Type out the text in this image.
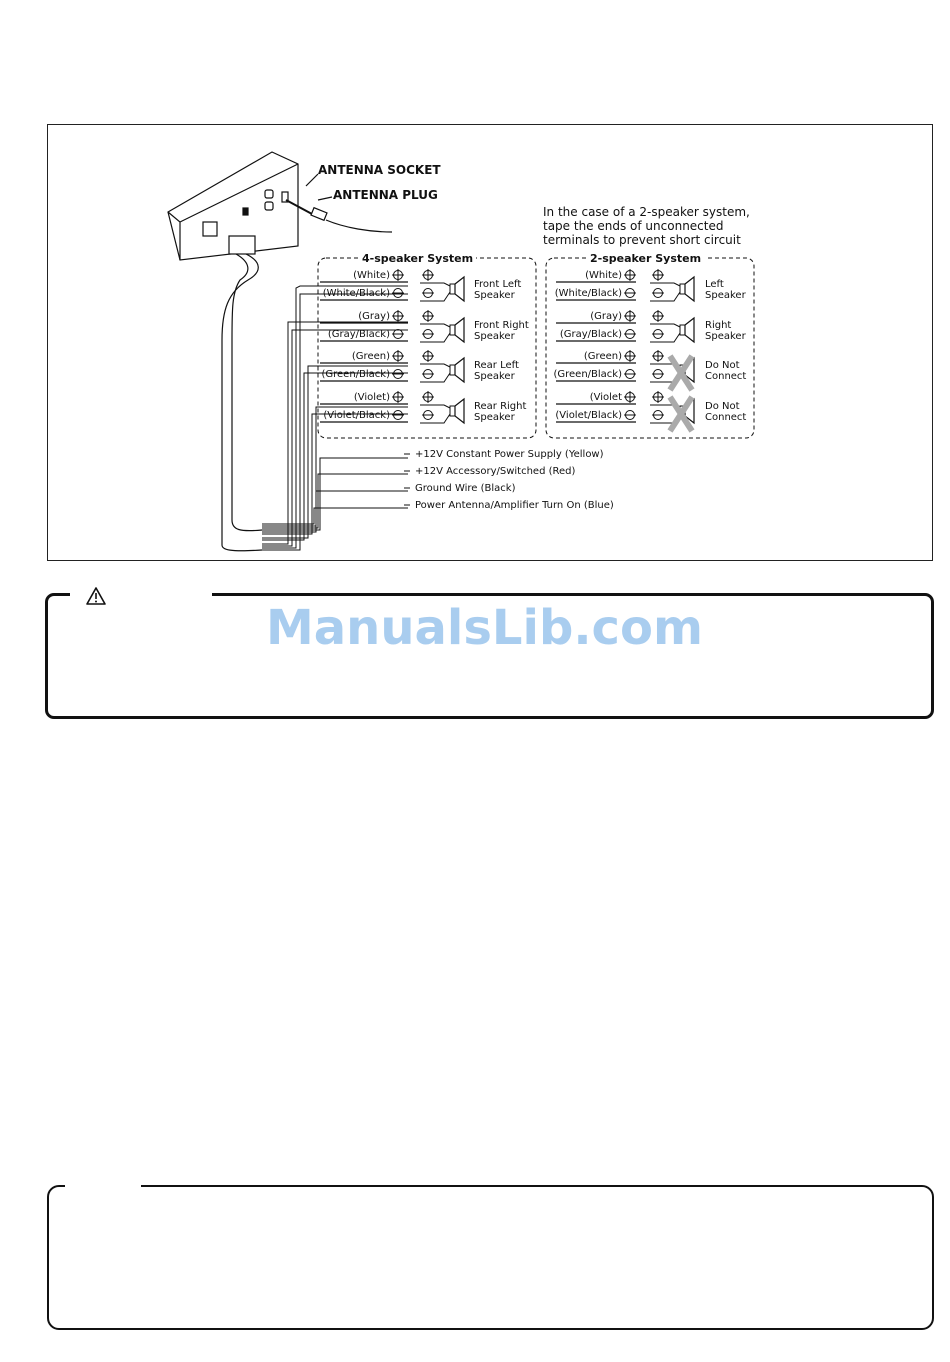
ANTENNA SOCKET
ANTENNA PLUG
In the case of a 2-speaker system,
tape the ends of unconnected
terminals to prevent short circuit
4-speaker System	2-speaker System
(White)
(White/Black)
Front Left
Speaker
(Gray)
(Gray/Black)
Front Right
Speaker
(Green)
(Green/Black)
Rear Left
Speaker
(Violet)
(Violet/Black)
Rear Right
Speaker
(White)
(White/Black)
Left
Speaker
(Gray)
(Gray/Black)
Right
Speaker
(Green)
(Green/Black)
Do Not
Connect
(Violet
(Violet/Black)
Do Not
Connect
+12V Constant Power Supply (Yellow)
+12V Accessory/Switched (Red)
Ground Wire (Black)
Power Antenna/Amplifier Turn On (Blue)
ManualsLib.com
